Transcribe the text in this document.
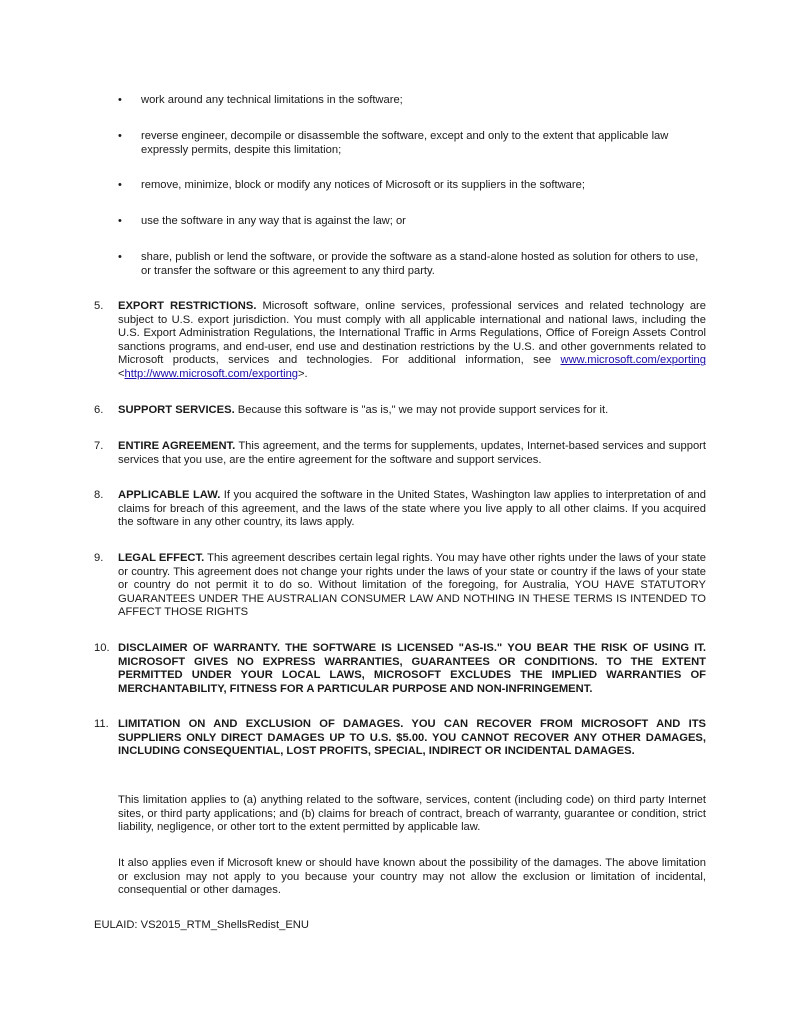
• work around any technical limitations in the software;
• reverse engineer, decompile or disassemble the software, except and only to the extent that applicable law expressly permits, despite this limitation;
• remove, minimize, block or modify any notices of Microsoft or its suppliers in the software;
• use the software in any way that is against the law; or
• share, publish or lend the software, or provide the software as a stand-alone hosted as solution for others to use, or transfer the software or this agreement to any third party.
5. EXPORT RESTRICTIONS. Microsoft software, online services, professional services and related technology are subject to U.S. export jurisdiction. You must comply with all applicable international and national laws, including the U.S. Export Administration Regulations, the International Traffic in Arms Regulations, Office of Foreign Assets Control sanctions programs, and end-user, end use and destination restrictions by the U.S. and other governments related to Microsoft products, services and technologies. For additional information, see www.microsoft.com/exporting <http://www.microsoft.com/exporting>.
6. SUPPORT SERVICES. Because this software is "as is," we may not provide support services for it.
7. ENTIRE AGREEMENT. This agreement, and the terms for supplements, updates, Internet-based services and support services that you use, are the entire agreement for the software and support services.
8. APPLICABLE LAW. If you acquired the software in the United States, Washington law applies to interpretation of and claims for breach of this agreement, and the laws of the state where you live apply to all other claims. If you acquired the software in any other country, its laws apply.
9. LEGAL EFFECT. This agreement describes certain legal rights. You may have other rights under the laws of your state or country. This agreement does not change your rights under the laws of your state or country if the laws of your state or country do not permit it to do so. Without limitation of the foregoing, for Australia, YOU HAVE STATUTORY GUARANTEES UNDER THE AUSTRALIAN CONSUMER LAW AND NOTHING IN THESE TERMS IS INTENDED TO AFFECT THOSE RIGHTS
10. DISCLAIMER OF WARRANTY. THE SOFTWARE IS LICENSED "AS-IS." YOU BEAR THE RISK OF USING IT. MICROSOFT GIVES NO EXPRESS WARRANTIES, GUARANTEES OR CONDITIONS. TO THE EXTENT PERMITTED UNDER YOUR LOCAL LAWS, MICROSOFT EXCLUDES THE IMPLIED WARRANTIES OF MERCHANTABILITY, FITNESS FOR A PARTICULAR PURPOSE AND NON-INFRINGEMENT.
11. LIMITATION ON AND EXCLUSION OF DAMAGES. YOU CAN RECOVER FROM MICROSOFT AND ITS SUPPLIERS ONLY DIRECT DAMAGES UP TO U.S. $5.00. YOU CANNOT RECOVER ANY OTHER DAMAGES, INCLUDING CONSEQUENTIAL, LOST PROFITS, SPECIAL, INDIRECT OR INCIDENTAL DAMAGES.
This limitation applies to (a) anything related to the software, services, content (including code) on third party Internet sites, or third party applications; and (b) claims for breach of contract, breach of warranty, guarantee or condition, strict liability, negligence, or other tort to the extent permitted by applicable law.
It also applies even if Microsoft knew or should have known about the possibility of the damages. The above limitation or exclusion may not apply to you because your country may not allow the exclusion or limitation of incidental, consequential or other damages.
EULAID: VS2015_RTM_ShellsRedist_ENU
